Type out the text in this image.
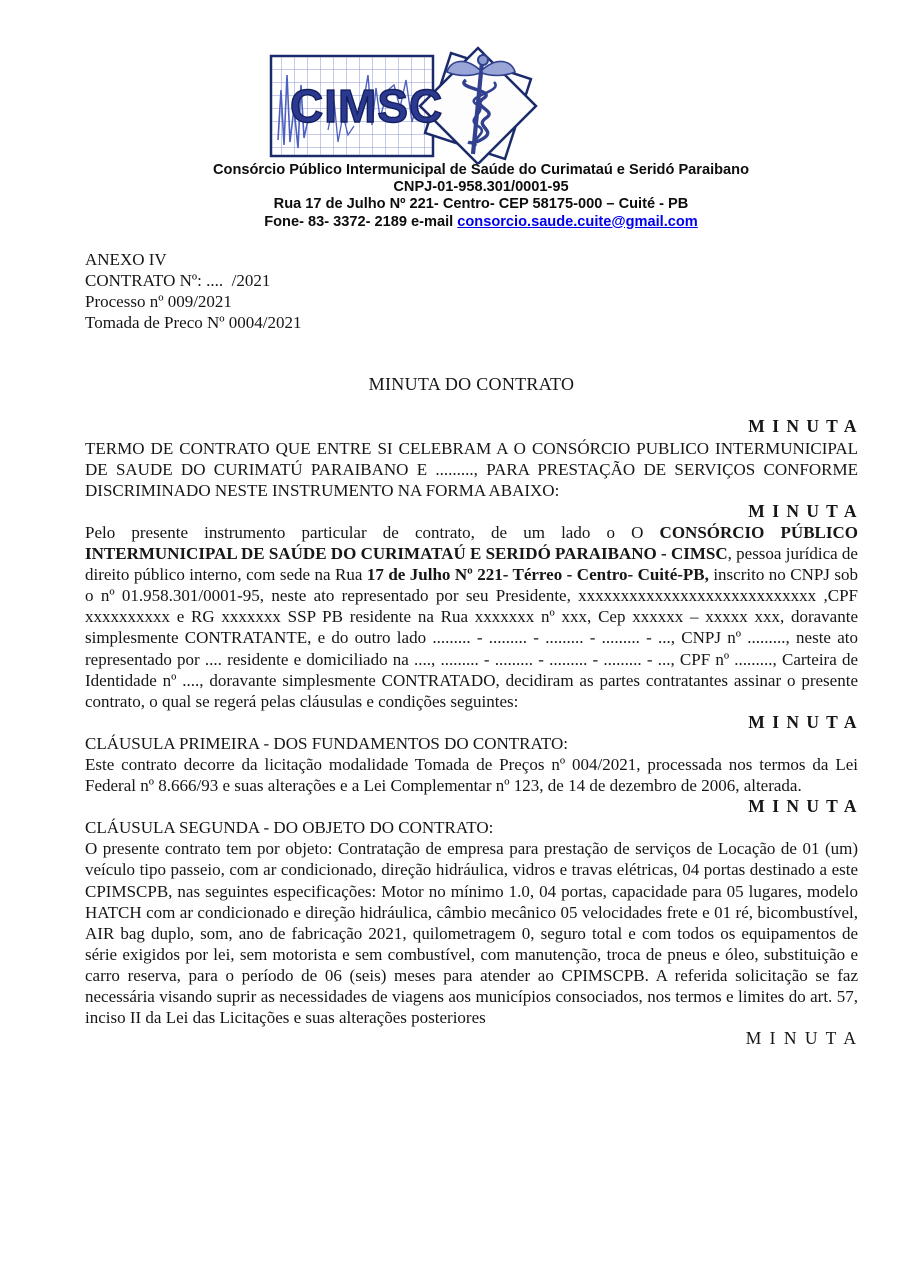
CIMSC
Consórcio Público Intermunicipal de Saúde do Curimataú e Seridó Paraibano
CNPJ-01-958.301/0001-95
Rua 17 de Julho Nº 221- Centro- CEP 58175-000 – Cuité - PB
Fone- 83- 3372- 2189 e-mail consorcio.saude.cuite@gmail.com
ANEXO IV
CONTRATO Nº: ....  /2021
Processo nº 009/2021
Tomada de Preco Nº 0004/2021
MINUTA DO CONTRATO
M I N U T A

TERMO DE CONTRATO QUE ENTRE SI CELEBRAM A O CONSÓRCIO PUBLICO INTERMUNICIPAL DE SAUDE DO CURIMATÚ PARAIBANO E ........., PARA PRESTAÇÃO DE SERVIÇOS CONFORME DISCRIMINADO NESTE INSTRUMENTO NA FORMA ABAIXO:

M I N U T A

Pelo presente instrumento particular de contrato, de um lado o O CONSÓRCIO PÚBLICO INTERMUNICIPAL DE SAÚDE DO CURIMATAÚ E SERIDÓ PARAIBANO - CIMSC, pessoa jurídica de direito público interno, com sede na Rua 17 de Julho Nº 221- Térreo - Centro- Cuité-PB, inscrito no CNPJ sob o nº 01.958.301/0001-95, neste ato representado por seu Presidente, xxxxxxxxxxxxxxxxxxxxxxxxxxxx ,CPF xxxxxxxxxx e RG xxxxxxx SSP PB residente na Rua xxxxxxx nº xxx, Cep xxxxxx – xxxxx xxx, doravante simplesmente CONTRATANTE, e do outro lado ......... - ......... - ......... - ......... - ..., CNPJ nº ........., neste ato representado por .... residente e domiciliado na ...., ......... - ......... - ......... - ......... - ..., CPF nº ........., Carteira de Identidade nº ...., doravante simplesmente CONTRATADO, decidiram as partes contratantes assinar o presente contrato, o qual se regerá pelas cláusulas e condições seguintes:

M I N U T A
CLÁUSULA PRIMEIRA - DOS FUNDAMENTOS DO CONTRATO:

Este contrato decorre da licitação modalidade Tomada de Preços nº 004/2021, processada nos termos da Lei Federal nº 8.666/93 e suas alterações e a Lei Complementar nº 123, de 14 de dezembro de 2006, alterada.

M I N U T A
CLÁUSULA SEGUNDA - DO OBJETO DO CONTRATO:

O presente contrato tem por objeto: Contratação de empresa para prestação de serviços de Locação de 01 (um) veículo tipo passeio, com ar condicionado, direção hidráulica, vidros e travas elétricas, 04 portas destinado a este CPIMSCPB, nas seguintes especificações: Motor no mínimo 1.0, 04 portas, capacidade para 05 lugares, modelo HATCH com ar condicionado e direção hidráulica, câmbio mecânico 05 velocidades frete e 01 ré, bicombustível, AIR bag duplo, som, ano de fabricação 2021, quilometragem 0, seguro total e com todos os equipamentos de série exigidos por lei, sem motorista e sem combustível, com manutenção, troca de pneus e óleo, substituição e carro reserva, para o período de 06 (seis) meses para atender ao CPIMSCPB. A referida solicitação se faz necessária visando suprir as necessidades de viagens aos municípios consociados, nos termos e limites do art. 57, inciso II da Lei das Licitações e suas alterações posteriores

M I N U T A
